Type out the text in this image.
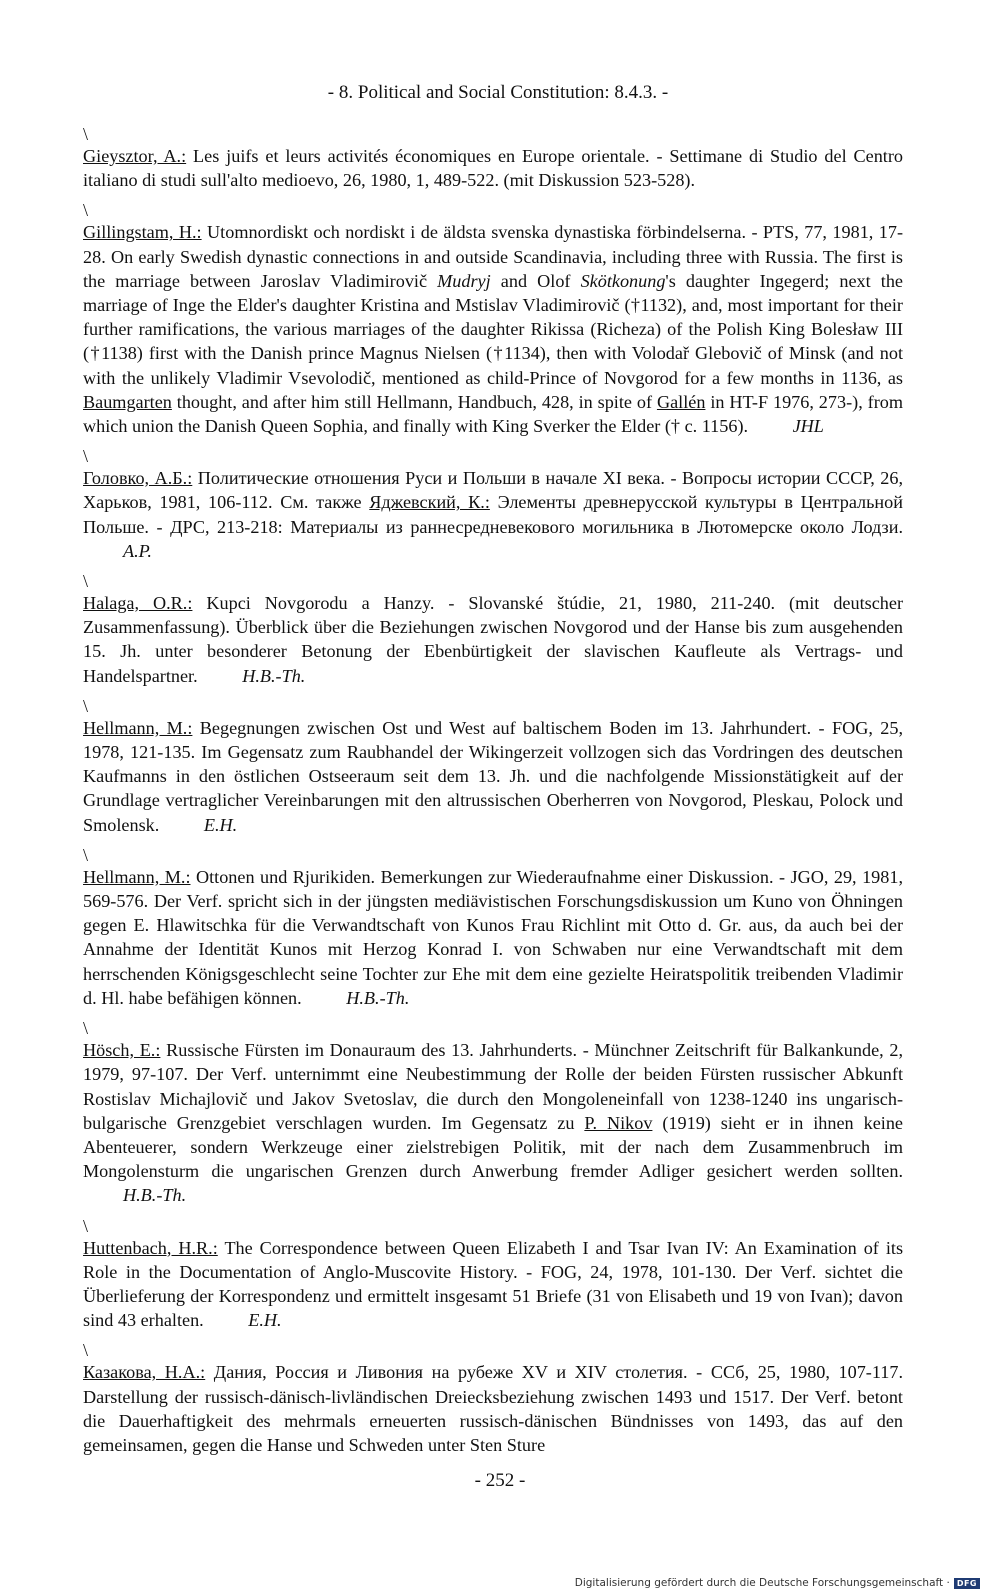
- 8. Political and Social Constitution: 8.4.3. -
\

Gieysztor, A.: Les juifs et leurs activités économiques en Europe orientale. - Settimane di Studio del Centro italiano di studi sull'alto medioevo, 26, 1980, 1, 489-522. (mit Diskussion 523-528).

\

Gillingstam, H.: Utomnordiskt och nordiskt i de äldsta svenska dynastiska förbindelserna. - PTS, 77, 1981, 17-28. On early Swedish dynastic connections in and outside Scandinavia, including three with Russia. The first is the marriage between Jaroslav Vladimirovič Mudryj and Olof Skötkonung's daughter Ingegerd; next the marriage of Inge the Elder's daughter Kristina and Mstislav Vladimirovič (†1132), and, most important for their further ramifications, the various marriages of the daughter Rikissa (Richeza) of the Polish King Bolesław III (†1138) first with the Danish prince Magnus Nielsen (†1134), then with Volodař Glebovič of Minsk (and not with the unlikely Vladimir Vsevolodič, mentioned as child-Prince of Novgorod for a few months in 1136, as Baumgarten thought, and after him still Hellmann, Handbuch, 428, in spite of Gallén in HT-F 1976, 273-), from which union the Danish Queen Sophia, and finally with King Sverker the Elder († c. 1156). JHL

\

Головко, А.Б.: Политические отношения Руси и Польши в начале XI века. - Вопросы истории СССР, 26, Харьков, 1981, 106-112. См. также Яджевский, К.: Элементы древнерусской культуры в Центральной Польше. - ДРС, 213-218: Материалы из раннесредневекового могильника в Лютомерске около Лодзи. A.P.

\

Halaga, O.R.: Kupci Novgorodu a Hanzy. - Slovanské štúdie, 21, 1980, 211-240. (mit deutscher Zusammenfassung). Überblick über die Beziehungen zwischen Novgorod und der Hanse bis zum ausgehenden 15. Jh. unter besonderer Betonung der Ebenbürtigkeit der slavischen Kaufleute als Vertrags- und Handelspartner. H.B.-Th.

\

Hellmann, M.: Begegnungen zwischen Ost und West auf baltischem Boden im 13. Jahrhundert. - FOG, 25, 1978, 121-135. Im Gegensatz zum Raubhandel der Wikingerzeit vollzogen sich das Vordringen des deutschen Kaufmanns in den östlichen Ostseeraum seit dem 13. Jh. und die nachfolgende Missionstätigkeit auf der Grundlage vertraglicher Vereinbarungen mit den altrussischen Oberherren von Novgorod, Pleskau, Polock und Smolensk. E.H.

\

Hellmann, M.: Ottonen und Rjurikiden. Bemerkungen zur Wiederaufnahme einer Diskussion. - JGO, 29, 1981, 569-576. Der Verf. spricht sich in der jüngsten mediävistischen Forschungsdiskussion um Kuno von Öhningen gegen E. Hlawitschka für die Verwandtschaft von Kunos Frau Richlint mit Otto d. Gr. aus, da auch bei der Annahme der Identität Kunos mit Herzog Konrad I. von Schwaben nur eine Verwandtschaft mit dem herrschenden Königsgeschlecht seine Tochter zur Ehe mit dem eine gezielte Heiratspolitik treibenden Vladimir d. Hl. habe befähigen können. H.B.-Th.

\

Hösch, E.: Russische Fürsten im Donauraum des 13. Jahrhunderts. - Münchner Zeitschrift für Balkankunde, 2, 1979, 97-107. Der Verf. unternimmt eine Neubestimmung der Rolle der beiden Fürsten russischer Abkunft Rostislav Michajlovič und Jakov Svetoslav, die durch den Mongoleneinfall von 1238-1240 ins ungarisch-bulgarische Grenzgebiet verschlagen wurden. Im Gegensatz zu P. Nikov (1919) sieht er in ihnen keine Abenteuerer, sondern Werkzeuge einer zielstrebigen Politik, mit der nach dem Zusammenbruch im Mongolensturm die ungarischen Grenzen durch Anwerbung fremder Adliger gesichert werden sollten. H.B.-Th.

\

Huttenbach, H.R.: The Correspondence between Queen Elizabeth I and Tsar Ivan IV: An Examination of its Role in the Documentation of Anglo-Muscovite History. - FOG, 24, 1978, 101-130. Der Verf. sichtet die Überlieferung der Korrespondenz und ermittelt insgesamt 51 Briefe (31 von Elisabeth und 19 von Ivan); davon sind 43 erhalten. E.H.

\

Казакова, Н.А.: Дания, Россия и Ливония на рубеже XV и XIV столетия. - ССб, 25, 1980, 107-117. Darstellung der russisch-dänisch-livländischen Dreiecksbeziehung zwischen 1493 und 1517. Der Verf. betont die Dauerhaftigkeit des mehrmals erneuerten russisch-dänischen Bündnisses von 1493, das auf den gemeinsamen, gegen die Hanse und Schweden unter Sten Sture

- 252 -
Digitalisierung gefördert durch die Deutsche Forschungsgemeinschaft · DFG
